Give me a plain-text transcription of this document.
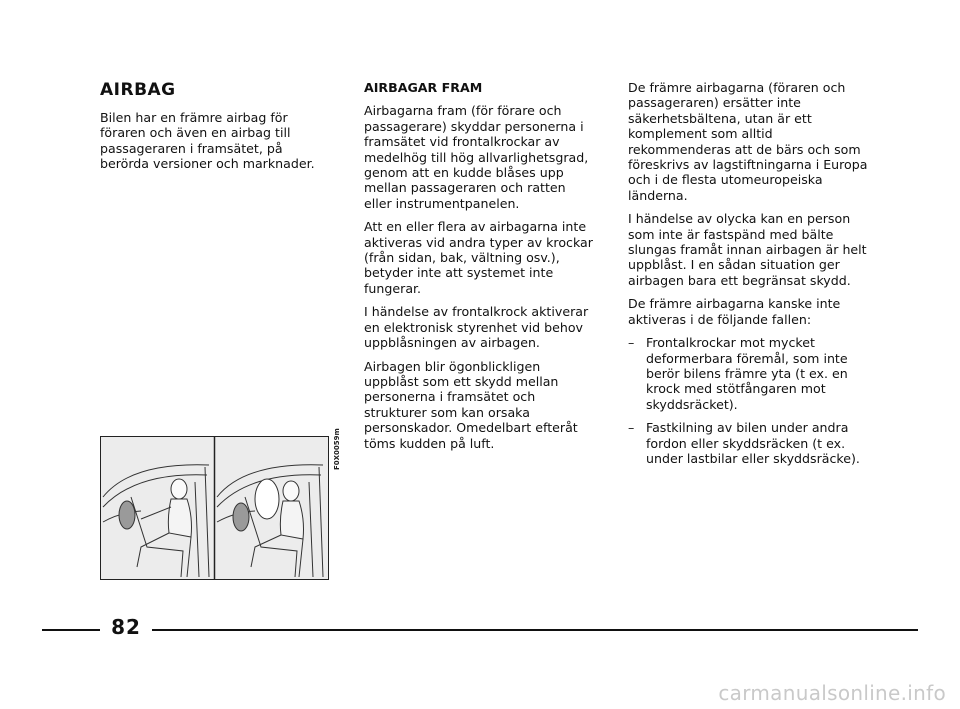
AIRBAG

Bilen har en främre airbag för föraren och även en airbag till passageraren i framsätet, på berörda versioner och marknader.

AIRBAGAR FRAM

Airbagarna fram (för förare och passagerare) skyddar personerna i framsätet vid frontalkrockar av medelhög till hög allvarlighetsgrad, genom att en kudde blåses upp mellan passageraren och ratten eller instrumentpanelen.

Att en eller flera av airbagarna inte aktiveras vid andra typer av krockar (från sidan, bak, vältning osv.), betyder inte att systemet inte fungerar.

I händelse av frontalkrock aktiverar en elektronisk styrenhet vid behov uppblåsningen av airbagen.

Airbagen blir ögonblickligen uppblåst som ett skydd mellan personerna i framsätet och strukturer som kan orsaka personskador. Omedelbart efteråt töms kudden på luft.

De främre airbagarna (föraren och passageraren) ersätter inte säkerhetsbältena, utan är ett komplement som alltid rekommenderas att de bärs och som föreskrivs av lagstiftningarna i Europa och i de flesta utomeuropeiska länderna.

I händelse av olycka kan en person som inte är fastspänd med bälte slungas framåt innan airbagen är helt uppblåst. I en sådan situation ger airbagen bara ett begränsat skydd.

De främre airbagarna kanske inte aktiveras i de följande fallen:

– Frontalkrockar mot mycket deformerbara föremål, som inte berör bilens främre yta (t ex. en krock med stötfångaren mot skyddsräcket).
– Fastkilning av bilen under andra fordon eller skyddsräcken (t ex. under lastbilar eller skyddsräcke).
F0X0059m
82
carmanualsonline.info
